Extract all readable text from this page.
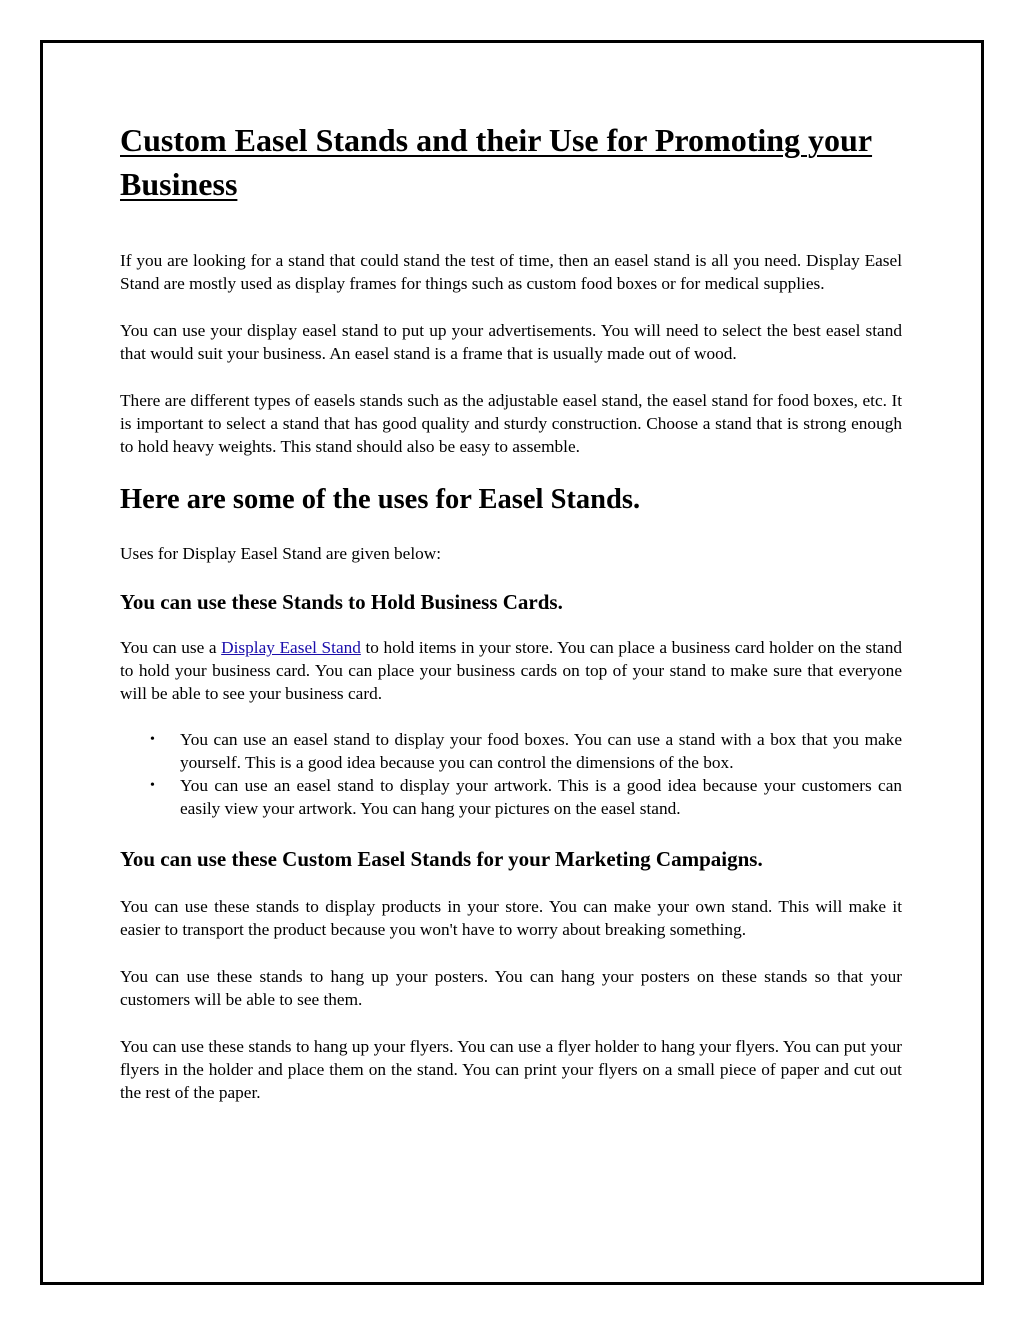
Custom Easel Stands and their Use for Promoting your Business

If you are looking for a stand that could stand the test of time, then an easel stand is all you need. Display Easel Stand are mostly used as display frames for things such as custom food boxes or for medical supplies.

You can use your display easel stand to put up your advertisements. You will need to select the best easel stand that would suit your business. An easel stand is a frame that is usually made out of wood.

There are different types of easels stands such as the adjustable easel stand, the easel stand for food boxes, etc. It is important to select a stand that has good quality and sturdy construction. Choose a stand that is strong enough to hold heavy weights. This stand should also be easy to assemble.

Here are some of the uses for Easel Stands.

Uses for Display Easel Stand are given below:

You can use these Stands to Hold Business Cards.

You can use a Display Easel Stand to hold items in your store. You can place a business card holder on the stand to hold your business card. You can place your business cards on top of your stand to make sure that everyone will be able to see your business card.

• You can use an easel stand to display your food boxes. You can use a stand with a box that you make yourself. This is a good idea because you can control the dimensions of the box.
• You can use an easel stand to display your artwork. This is a good idea because your customers can easily view your artwork. You can hang your pictures on the easel stand.
You can use these Custom Easel Stands for your Marketing Campaigns.

You can use these stands to display products in your store. You can make your own stand. This will make it easier to transport the product because you won't have to worry about breaking something.

You can use these stands to hang up your posters. You can hang your posters on these stands so that your customers will be able to see them.

You can use these stands to hang up your flyers. You can use a flyer holder to hang your flyers. You can put your flyers in the holder and place them on the stand. You can print your flyers on a small piece of paper and cut out the rest of the paper.
